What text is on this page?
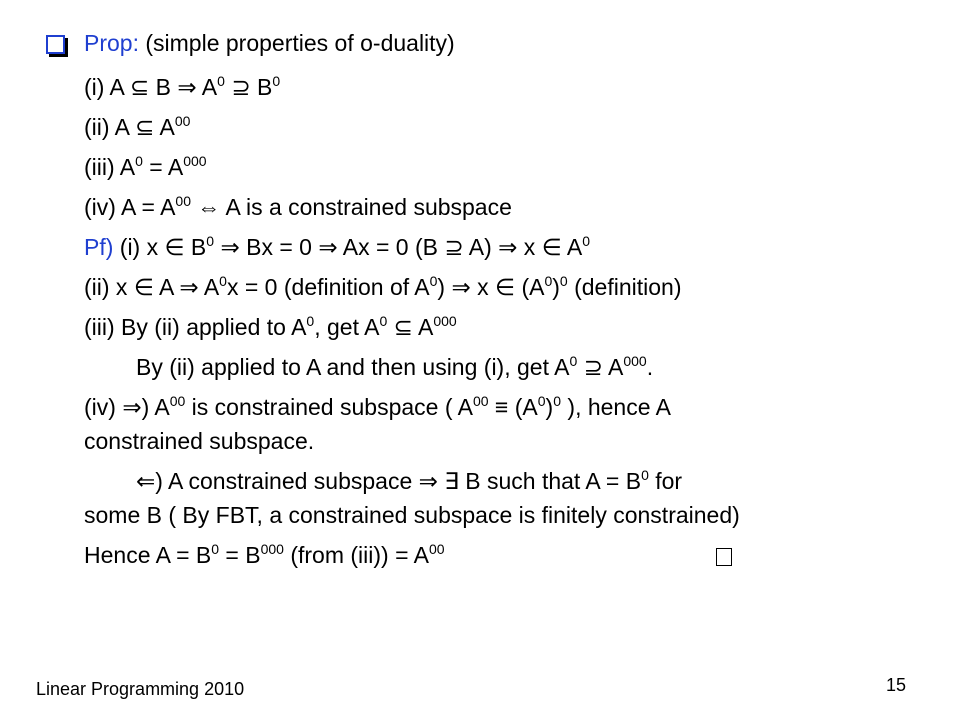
Prop: (simple properties of o-duality)
(i) A ⊆ B ⇒ $A^0$ ⊇ $B^0$
(ii) A ⊆ $A^{00}$
(iii) $A^0 = A^{000}$
(iv) $A = A^{00}$ ⇔ A is a constrained subspace
Pf) (i) x ∈ $B^0$ ⇒ Bx = 0 ⇒ Ax = 0 (B ⊇ A) ⇒ x ∈ $A^0$
(ii) x ∈ A ⇒ $A^0x = 0$ (definition of $A^0$) ⇒ x ∈ $(A^0)^0$ (definition)
(iii) By (ii) applied to $A^0$, get $A^0$ ⊆ $A^{000}$
By (ii) applied to A and then using (i), get $A^0$ ⊇ $A^{000}$.
(iv) ⇒) $A^{00}$ is constrained subspace ( $A^{00} \equiv (A^0)^0$ ), hence A
constrained subspace.
⇐) A constrained subspace ⇒ ∃ B such that $A = B^0$ for
some B ( By FBT, a constrained subspace is finitely constrained)
Hence $A = B^0 = B^{000}$ (from $(iii)) = A^{00}$
Linear Programming 2010	15
